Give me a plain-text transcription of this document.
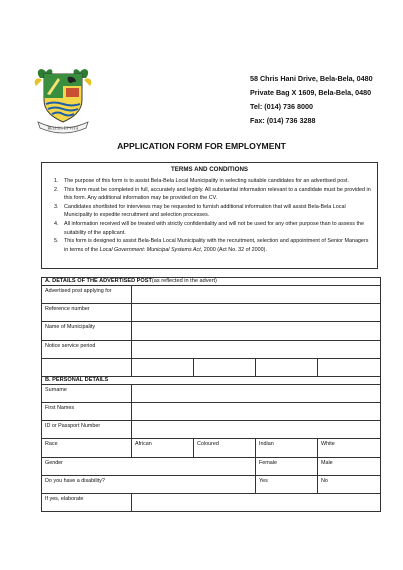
BELLUS ET VITA
58 Chris Hani Drive, Bela-Bela, 0480
Private Bag X 1609, Bela-Bela, 0480
Tel: (014) 736 8000
Fax: (014) 736 3288
APPLICATION FORM FOR EMPLOYMENT
TERMS AND CONDITIONS
1. The purpose of this form is to assist Bela-Bela Local Municipality in selecting suitable candidates for an advertised post.
2. This form must be completed in full, accurately and legibly. All substantial information relevant to a candidate must be provided in this form. Any additional information may be provided on the CV.
3. Candidates shortlisted for interviews may be requested to furnish additional information that will assist Bela-Bela Local Municipality to expedite recruitment and selection processes.
4. All information received will be treated with strictly confidentiality and will not be used for any other purpose than to assess the suitability of the applicant.
5. This form is designed to assist Bela-Bela Local Municipality with the recruitment, selection and appointment of Senior Managers in terms of the Local Government: Municipal Systems Act, 2000 (Act No. 32 of 2000).
A. DETAILS OF THE ADVERTISED POST(as reflected in the advert)				
Advertised post applying for				
Reference number				
Name of Municipality				
Notice service period				

B. PERSONAL DETAILS				
Surname				
First Names				
ID or Passport Number				
Race	African	Coloured	Indian	White
Gender			Female	Male
Do you have a disability?			Yes	No
If yes, elaborate				
